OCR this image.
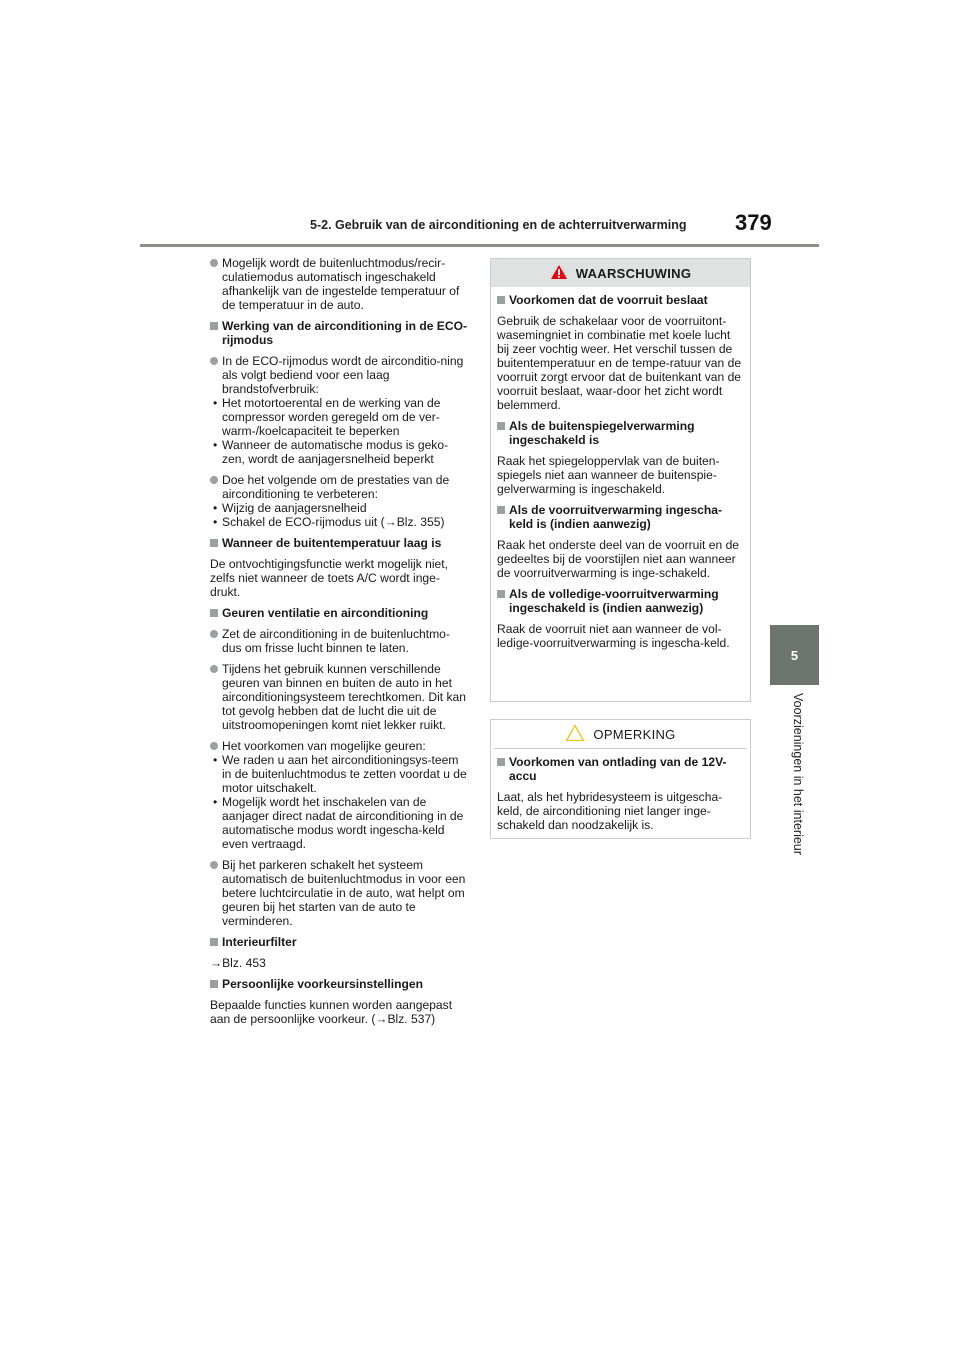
5-2. Gebruik van de airconditioning en de achterruitverwarming	379
5
Voorzieningen in het interieur
Mogelijk wordt de buitenluchtmodus/recir-culatiemodus automatisch ingeschakeld afhankelijk van de ingestelde temperatuur of de temperatuur in de auto.
Werking van de airconditioning in de ECO-rijmodus
In de ECO-rijmodus wordt de airconditio-ning als volgt bediend voor een laag brandstofverbruik:
• Het motortoerental en de werking van de compressor worden geregeld om de ver-warm-/koelcapaciteit te beperken
• Wanneer de automatische modus is geko-zen, wordt de aanjagersnelheid beperkt
Doe het volgende om de prestaties van de airconditioning te verbeteren:
• Wijzig de aanjagersnelheid
• Schakel de ECO-rijmodus uit (→Blz. 355)
Wanneer de buitentemperatuur laag is
De ontvochtigingsfunctie werkt mogelijk niet, zelfs niet wanneer de toets A/C wordt inge-drukt.
Geuren ventilatie en airconditioning
Zet de airconditioning in de buitenluchtmo-dus om frisse lucht binnen te laten.
Tijdens het gebruik kunnen verschillende geuren van binnen en buiten de auto in het airconditioningsysteem terechtkomen. Dit kan tot gevolg hebben dat de lucht die uit de uitstroomopeningen komt niet lekker ruikt.
Het voorkomen van mogelijke geuren:
• We raden u aan het airconditioningsys-teem in de buitenluchtmodus te zetten voordat u de motor uitschakelt.
• Mogelijk wordt het inschakelen van de aanjager direct nadat de airconditioning in de automatische modus wordt ingescha-keld even vertraagd.
Bij het parkeren schakelt het systeem automatisch de buitenluchtmodus in voor een betere luchtcirculatie in de auto, wat helpt om geuren bij het starten van de auto te verminderen.
Interieurfilter
→Blz. 453
Persoonlijke voorkeursinstellingen
Bepaalde functies kunnen worden aangepast aan de persoonlijke voorkeur. (→Blz. 537)
WAARSCHUWING
Voorkomen dat de voorruit beslaat
Gebruik de schakelaar voor de voorruitont-wasemingniet in combinatie met koele lucht bij zeer vochtig weer. Het verschil tussen de buitentemperatuur en de tempe-ratuur van de voorruit zorgt ervoor dat de buitenkant van de voorruit beslaat, waar-door het zicht wordt belemmerd.
Als de buitenspiegelverwarming ingeschakeld is
Raak het spiegeloppervlak van de buiten-spiegels niet aan wanneer de buitenspie-gelverwarming is ingeschakeld.
Als de voorruitverwarming ingescha-keld is (indien aanwezig)
Raak het onderste deel van de voorruit en de gedeeltes bij de voorstijlen niet aan wanneer de voorruitverwarming is inge-schakeld.
Als de volledige-voorruitverwarming ingeschakeld is (indien aanwezig)
Raak de voorruit niet aan wanneer de vol-ledige-voorruitverwarming is ingescha-keld.
OPMERKING
Voorkomen van ontlading van de 12V-accu
Laat, als het hybridesysteem is uitgescha-keld, de airconditioning niet langer inge-schakeld dan noodzakelijk is.
